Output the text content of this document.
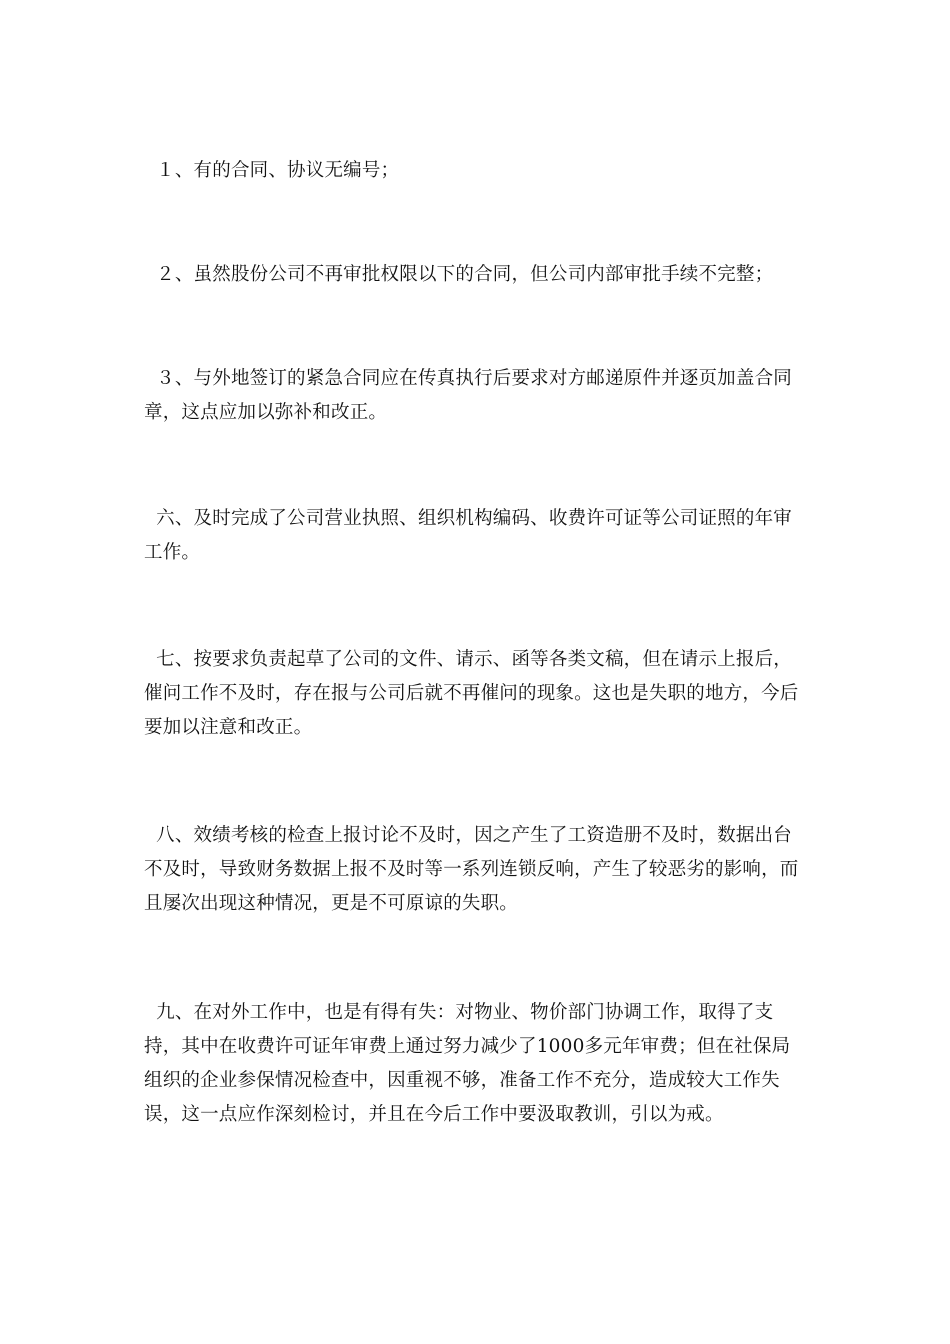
１、有的合同、协议无编号；

２、虽然股份公司不再审批权限以下的合同，但公司内部审批手续不完整；

３、与外地签订的紧急合同应在传真执行后要求对方邮递原件并逐页加盖合同章，这点应加以弥补和改正。

六、及时完成了公司营业执照、组织机构编码、收费许可证等公司证照的年审工作。

七、按要求负责起草了公司的文件、请示、函等各类文稿，但在请示上报后，催问工作不及时，存在报与公司后就不再催问的现象。这也是失职的地方，今后要加以注意和改正。

八、效绩考核的检查上报讨论不及时，因之产生了工资造册不及时，数据出台不及时，导致财务数据上报不及时等一系列连锁反响，产生了较恶劣的影响，而且屡次出现这种情况，更是不可原谅的失职。

九、在对外工作中，也是有得有失：对物业、物价部门协调工作，取得了支持，其中在收费许可证年审费上通过努力减少了1000多元年审费；但在社保局组织的企业参保情况检查中，因重视不够，准备工作不充分，造成较大工作失误，这一点应作深刻检讨，并且在今后工作中要汲取教训，引以为戒。
